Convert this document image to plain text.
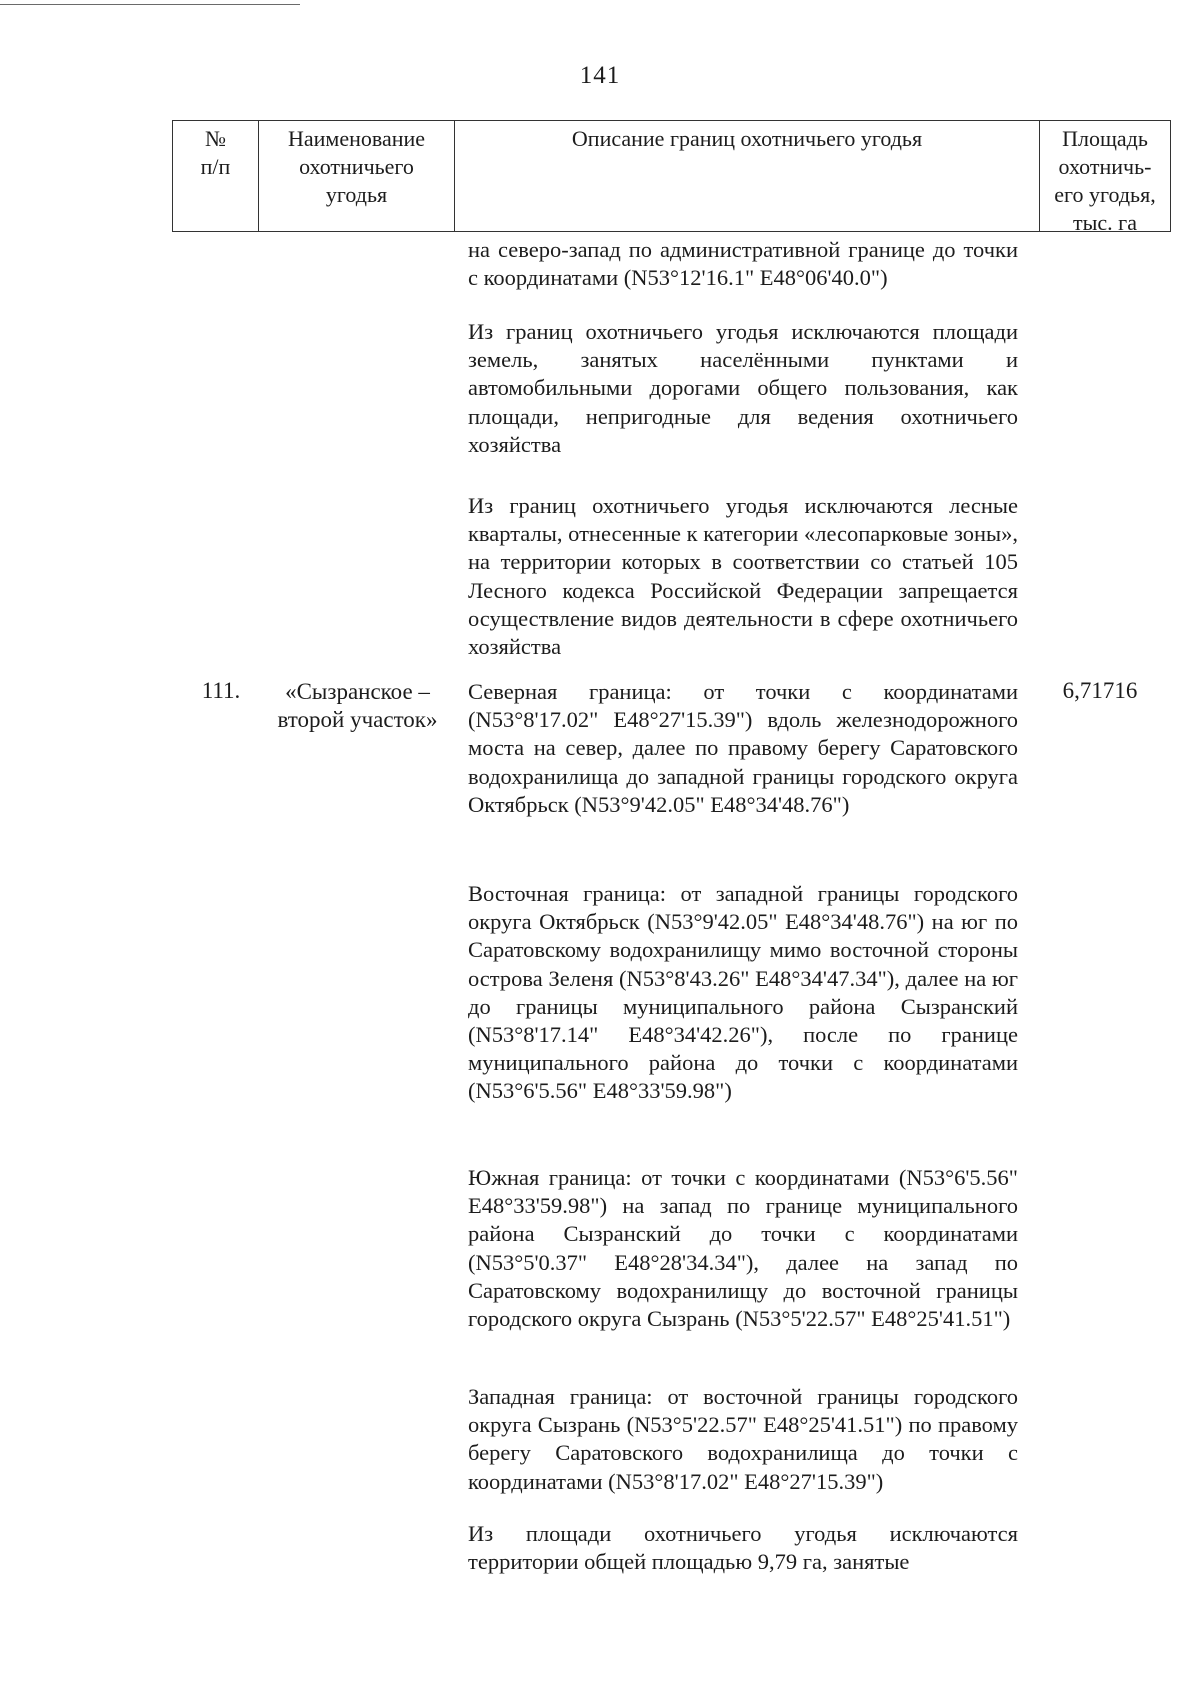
141
№
п/п
Наименование
охотничьего
угодья
Описание границ охотничьего угодья	Площадь
охотничь-
его угодья,
тыс. га

на северо-запад по административной границе до точки с координатами (N53°12'16.1" E48°06'40.0")

Из границ охотничьего угодья исключаются площади земель, занятых населёнными пунктами и автомобильными дорогами общего пользования, как площади, непригодные для ведения охотничьего хозяйства

Из границ охотничьего угодья исключаются лесные кварталы, отнесенные к категории «лесопарковые зоны», на территории которых в соответствии со статьей 105 Лесного кодекса Российской Федерации запрещается осуществление видов деятельности в сфере охотничьего хозяйства

111.	«Сызранское –
второй участок»
6,71716

Северная граница: от точки с координатами (N53°8'17.02" E48°27'15.39") вдоль железнодорожного моста на север, далее по правому берегу Саратовского водохранилища до западной границы городского округа Октябрьск (N53°9'42.05" E48°34'48.76")

Восточная граница: от западной границы городского округа Октябрьск (N53°9'42.05" E48°34'48.76") на юг по Саратовскому водохранилищу мимо восточной стороны острова Зеленя (N53°8'43.26" E48°34'47.34"), далее на юг до границы муниципального района Сызранский (N53°8'17.14" E48°34'42.26"), после по границе муниципального района до точки с координатами (N53°6'5.56" E48°33'59.98")

Южная граница: от точки с координатами (N53°6'5.56" E48°33'59.98") на запад по границе муниципального района Сызранский до точки с координатами (N53°5'0.37" E48°28'34.34"), далее на запад по Саратовскому водохранилищу до восточной границы городского округа Сызрань (N53°5'22.57" E48°25'41.51")

Западная граница: от восточной границы городского округа Сызрань (N53°5'22.57" E48°25'41.51") по правому берегу Саратовского водохранилища до точки с координатами (N53°8'17.02" E48°27'15.39")

Из площади охотничьего угодья исключаются территории общей площадью 9,79 га, занятые
